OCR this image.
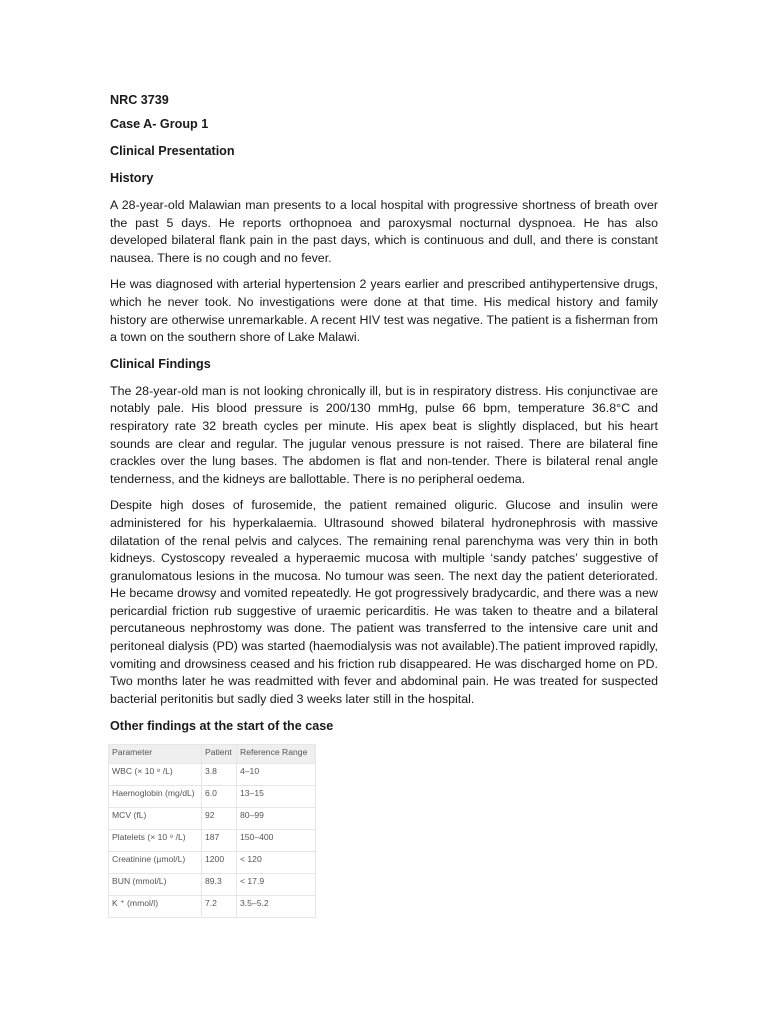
NRC 3739
Case A- Group 1
Clinical Presentation
History

A 28-year-old Malawian man presents to a local hospital with progressive shortness of breath over the past 5 days. He reports orthopnoea and paroxysmal nocturnal dyspnoea. He has also developed bilateral flank pain in the past days, which is continuous and dull, and there is constant nausea. There is no cough and no fever.

He was diagnosed with arterial hypertension 2 years earlier and prescribed antihypertensive drugs, which he never took. No investigations were done at that time. His medical history and family history are otherwise unremarkable. A recent HIV test was negative. The patient is a fisherman from a town on the southern shore of Lake Malawi.

Clinical Findings

The 28-year-old man is not looking chronically ill, but is in respiratory distress. His conjunctivae are notably pale. His blood pressure is 200/130 mmHg, pulse 66 bpm, temperature 36.8°C and respiratory rate 32 breath cycles per minute. His apex beat is slightly displaced, but his heart sounds are clear and regular. The jugular venous pressure is not raised. There are bilateral fine crackles over the lung bases. The abdomen is flat and non-tender. There is bilateral renal angle tenderness, and the kidneys are ballottable. There is no peripheral oedema.

Despite high doses of furosemide, the patient remained oliguric. Glucose and insulin were administered for his hyperkalaemia. Ultrasound showed bilateral hydronephrosis with massive dilatation of the renal pelvis and calyces. The remaining renal parenchyma was very thin in both kidneys. Cystoscopy revealed a hyperaemic mucosa with multiple ‘sandy patches’ suggestive of granulomatous lesions in the mucosa. No tumour was seen. The next day the patient deteriorated. He became drowsy and vomited repeatedly. He got progressively bradycardic, and there was a new pericardial friction rub suggestive of uraemic pericarditis. He was taken to theatre and a bilateral percutaneous nephrostomy was done. The patient was transferred to the intensive care unit and peritoneal dialysis (PD) was started (haemodialysis was not available).The patient improved rapidly, vomiting and drowsiness ceased and his friction rub disappeared. He was discharged home on PD. Two months later he was readmitted with fever and abdominal pain. He was treated for suspected bacterial peritonitis but sadly died 3 weeks later still in the hospital.

Other findings at the start of the case
Parameter	Patient	Reference Range
WBC (× 10 ⁹ /L)	3.8	4–10
Haemoglobin (mg/dL)	6.0	13–15
MCV (fL)	92	80–99
Platelets (× 10 ⁹ /L)	187	150–400
Creatinine (µmol/L)	1200	< 120
BUN (mmol/L)	89.3	< 17.9
K ⁺ (mmol/l)	7.2	3.5–5.2
